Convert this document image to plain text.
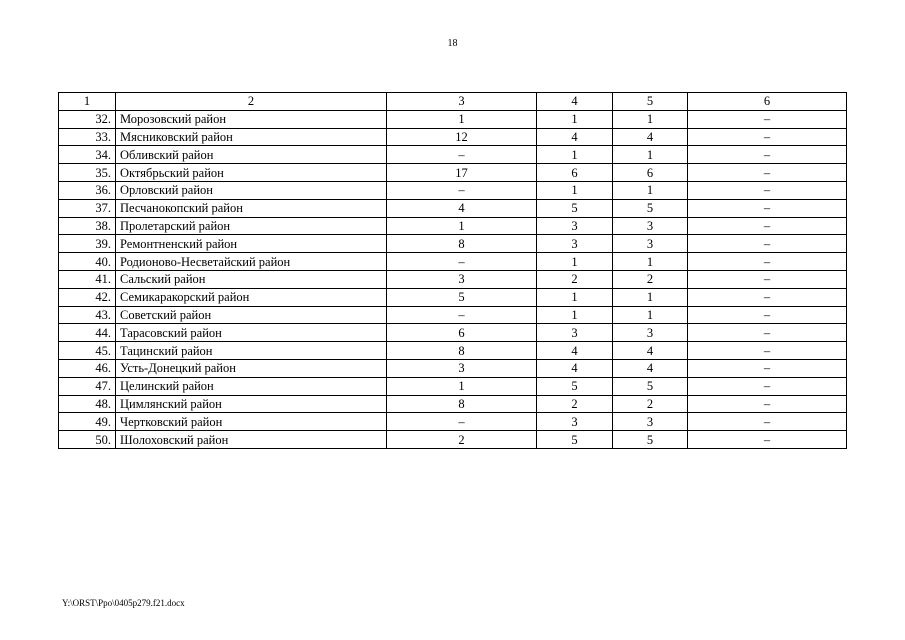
18
1	2	3	4	5	6
32.	Морозовский район	1	1	1	–
33.	Мясниковский район	12	4	4	–
34.	Обливский район	–	1	1	–
35.	Октябрьский район	17	6	6	–
36.	Орловский район	–	1	1	–
37.	Песчанокопский район	4	5	5	–
38.	Пролетарский район	1	3	3	–
39.	Ремонтненский район	8	3	3	–
40.	Родионово-Несветайский район	–	1	1	–
41.	Сальский район	3	2	2	–
42.	Семикаракорский район	5	1	1	–
43.	Советский район	–	1	1	–
44.	Тарасовский район	6	3	3	–
45.	Тацинский район	8	4	4	–
46.	Усть-Донецкий район	3	4	4	–
47.	Целинский район	1	5	5	–
48.	Цимлянский район	8	2	2	–
49.	Чертковский район	–	3	3	–
50.	Шолоховский район	2	5	5	–
Y:\ORST\Ppo\0405p279.f21.docx
